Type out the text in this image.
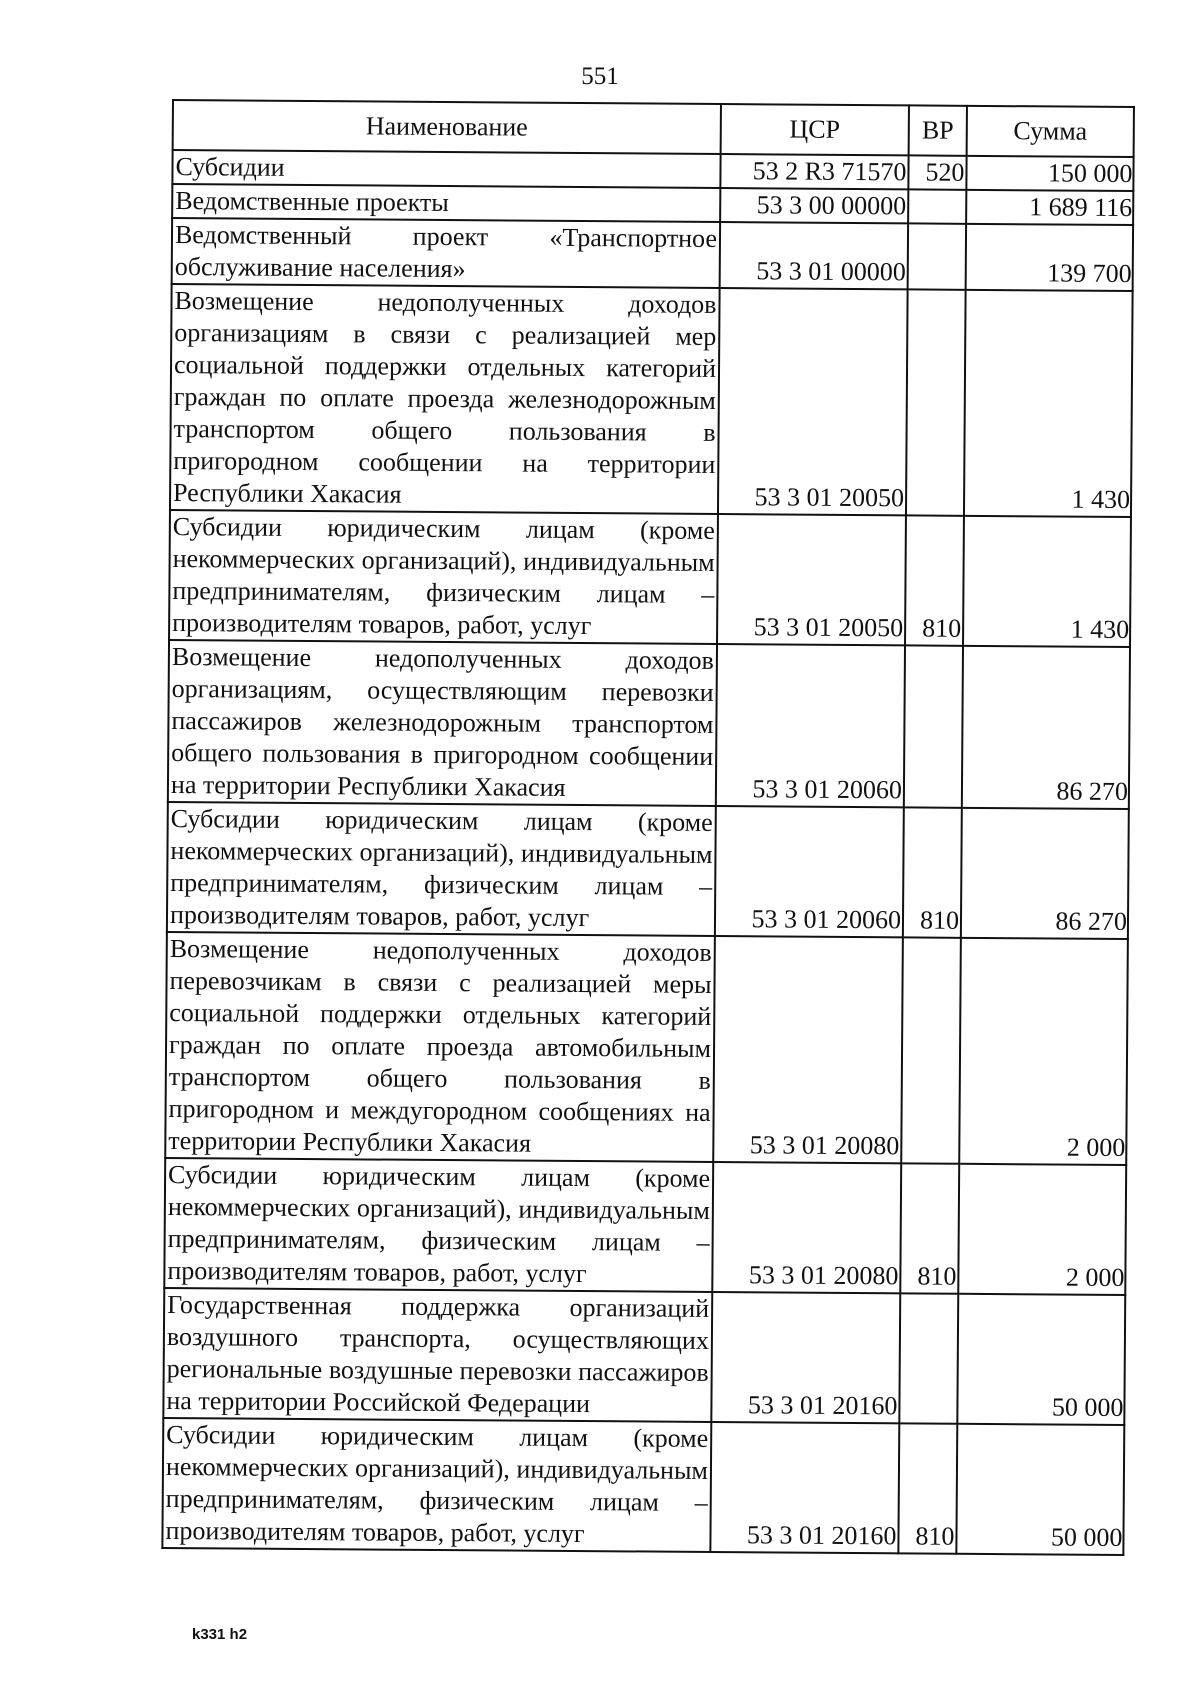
551
Наименование	ЦСР	ВР	Сумма
Субсидии	53 2 R3 71570	520	150 000
Ведомственные проекты	53 3 00 00000		1 689 116
Ведомственный проект «Транспортное обслуживание населения»	53 3 01 00000		139 700
Возмещение недополученных доходов организациям в связи с реализацией мер социальной поддержки отдельных категорий граждан по оплате проезда железнодорожным транспортом общего пользования в пригородном сообщении на территории Республики Хакасия	53 3 01 20050		1 430
Субсидии юридическим лицам (кроме некоммерческих организаций), индивидуальным предпринимателям, физическим лицам – производителям товаров, работ, услуг	53 3 01 20050	810	1 430
Возмещение недополученных доходов организациям, осуществляющим перевозки пассажиров железнодорожным транспортом общего пользования в пригородном сообщении на территории Республики Хакасия	53 3 01 20060		86 270
Субсидии юридическим лицам (кроме некоммерческих организаций), индивидуальным предпринимателям, физическим лицам – производителям товаров, работ, услуг	53 3 01 20060	810	86 270
Возмещение недополученных доходов перевозчикам в связи с реализацией меры социальной поддержки отдельных категорий граждан по оплате проезда автомобильным транспортом общего пользования в пригородном и междугородном сообщениях на территории Республики Хакасия	53 3 01 20080		2 000
Субсидии юридическим лицам (кроме некоммерческих организаций), индивидуальным предпринимателям, физическим лицам – производителям товаров, работ, услуг	53 3 01 20080	810	2 000
Государственная поддержка организаций воздушного транспорта, осуществляющих региональные воздушные перевозки пассажиров на территории Российской Федерации	53 3 01 20160		50 000
Субсидии юридическим лицам (кроме некоммерческих организаций), индивидуальным предпринимателям, физическим лицам – производителям товаров, работ, услуг	53 3 01 20160	810	50 000
k331 h2
